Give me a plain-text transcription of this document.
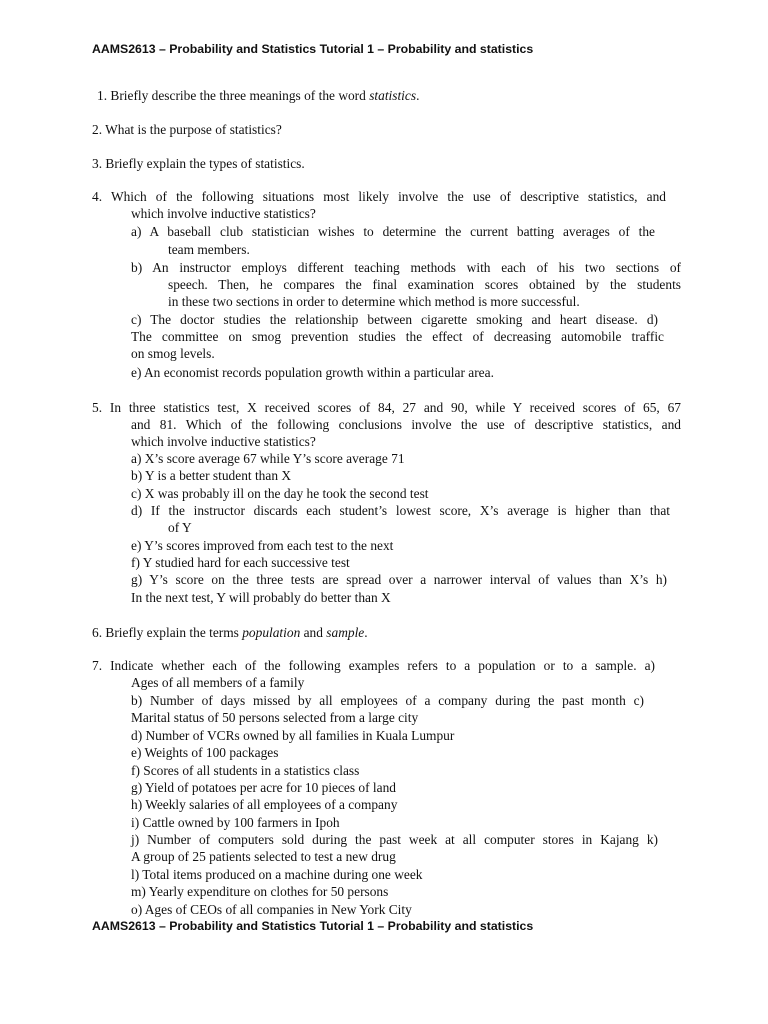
AAMS2613 – Probability and Statistics Tutorial 1 – Probability and statistics
1. Briefly describe the three meanings of the word statistics.
2. What is the purpose of statistics?
3. Briefly explain the types of statistics.
4. Which of the following situations most likely involve the use of descriptive statistics, and
which involve inductive statistics?
a) A baseball club statistician wishes to determine the current batting averages of the
team members.
b) An instructor employs different teaching methods with each of his two sections of
speech. Then, he compares the final examination scores obtained by the students
in these two sections in order to determine which method is more successful.
c) The doctor studies the relationship between cigarette smoking and heart disease. d)
The committee on smog prevention studies the effect of decreasing automobile traffic
on smog levels.
e) An economist records population growth within a particular area.
5. In three statistics test, X received scores of 84, 27 and 90, while Y received scores of 65, 67
and 81. Which of the following conclusions involve the use of descriptive statistics, and
which involve inductive statistics?
a) X’s score average 67 while Y’s score average 71
b) Y is a better student than X
c) X was probably ill on the day he took the second test
d) If the instructor discards each student’s lowest score, X’s average is higher than that
of Y
e) Y’s scores improved from each test to the next
f) Y studied hard for each successive test
g) Y’s score on the three tests are spread over a narrower interval of values than X’s h)
In the next test, Y will probably do better than X
6. Briefly explain the terms population and sample.
7. Indicate whether each of the following examples refers to a population or to a sample. a)
Ages of all members of a family
b) Number of days missed by all employees of a company during the past month c)
Marital status of 50 persons selected from a large city
d) Number of VCRs owned by all families in Kuala Lumpur
e) Weights of 100 packages
f) Scores of all students in a statistics class
g) Yield of potatoes per acre for 10 pieces of land
h) Weekly salaries of all employees of a company
i) Cattle owned by 100 farmers in Ipoh
j) Number of computers sold during the past week at all computer stores in Kajang k)
A group of 25 patients selected to test a new drug
l) Total items produced on a machine during one week
m) Yearly expenditure on clothes for 50 persons
o) Ages of CEOs of all companies in New York City
AAMS2613 – Probability and Statistics Tutorial 1 – Probability and statistics
